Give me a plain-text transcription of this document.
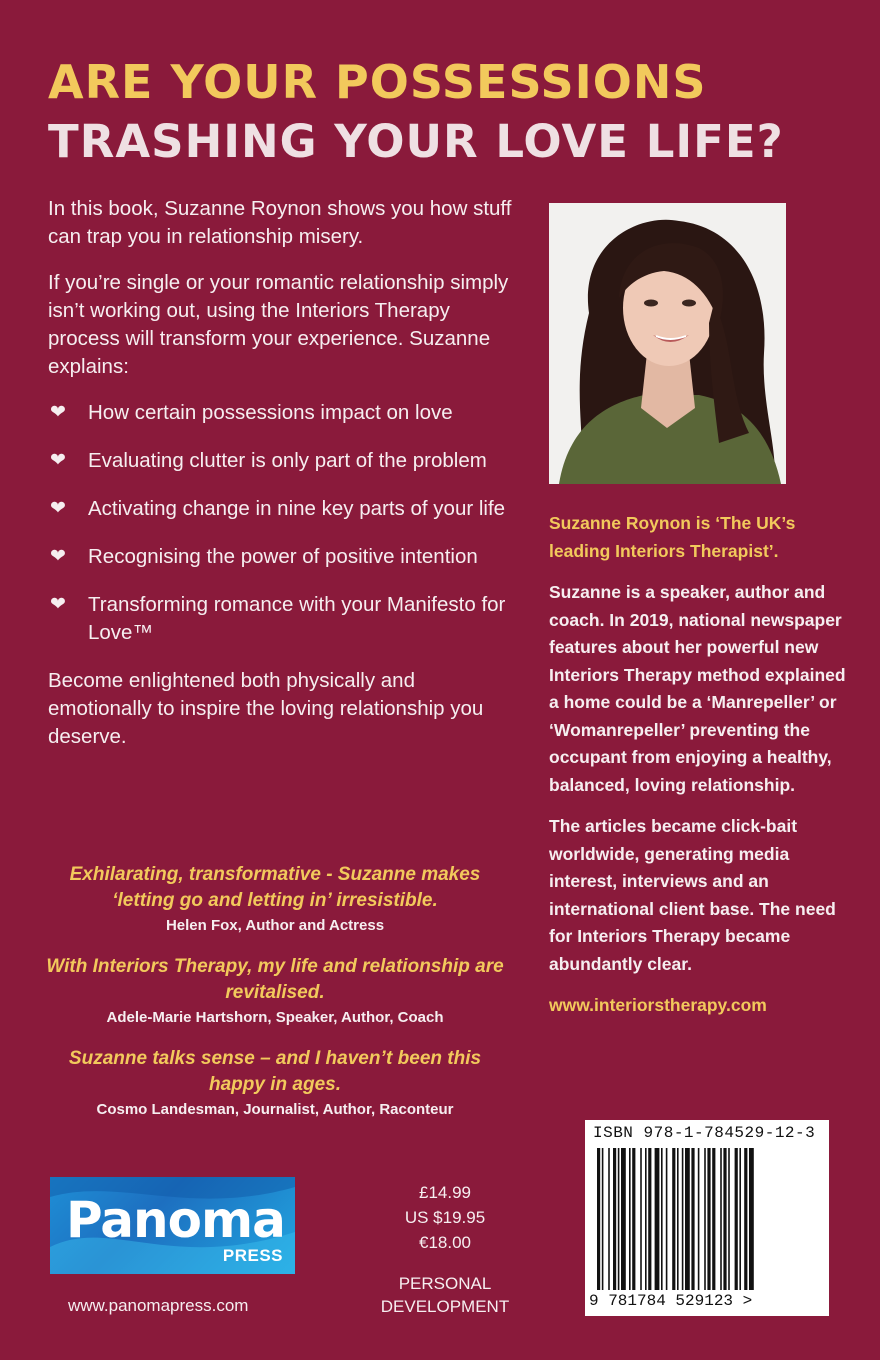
ARE YOUR POSSESSIONS
TRASHING YOUR LOVE LIFE?

In this book, Suzanne Roynon shows you how stuff can trap you in relationship misery.

If you’re single or your romantic relationship simply isn’t working out, using the Interiors Therapy process will transform your experience. Suzanne explains:

❤ How certain possessions impact on love
❤ Evaluating clutter is only part of the problem
❤ Activating change in nine key parts of your life
❤ Recognising the power of positive intention
❤ Transforming romance with your Manifesto for Love™

Become enlightened both physically and emotionally to inspire the loving relationship you deserve.

Exhilarating, transformative - Suzanne makes ‘letting go and letting in’ irresistible.
Helen Fox, Author and Actress
With Interiors Therapy, my life and relationship are revitalised.
Adele-Marie Hartshorn, Speaker, Author, Coach
Suzanne talks sense – and I haven’t been this happy in ages.
Cosmo Landesman, Journalist, Author, Raconteur

Suzanne Roynon is ‘The UK’s leading Interiors Therapist’.

Suzanne is a speaker, author and coach. In 2019, national newspaper features about her powerful new Interiors Therapy method explained a home could be a ‘Manrepeller’ or ‘Womanrepeller’ preventing the occupant from enjoying a healthy, balanced, loving relationship.

The articles became click-bait worldwide, generating media interest, interviews and an international client base. The need for Interiors Therapy became abundantly clear.

www.interiorstherapy.com

Panoma
PRESS
www.panomapress.com
£14.99
US $19.95
€18.00
PERSONAL
DEVELOPMENT
ISBN 978-1-784529-12-3
9 781784 529123 >
